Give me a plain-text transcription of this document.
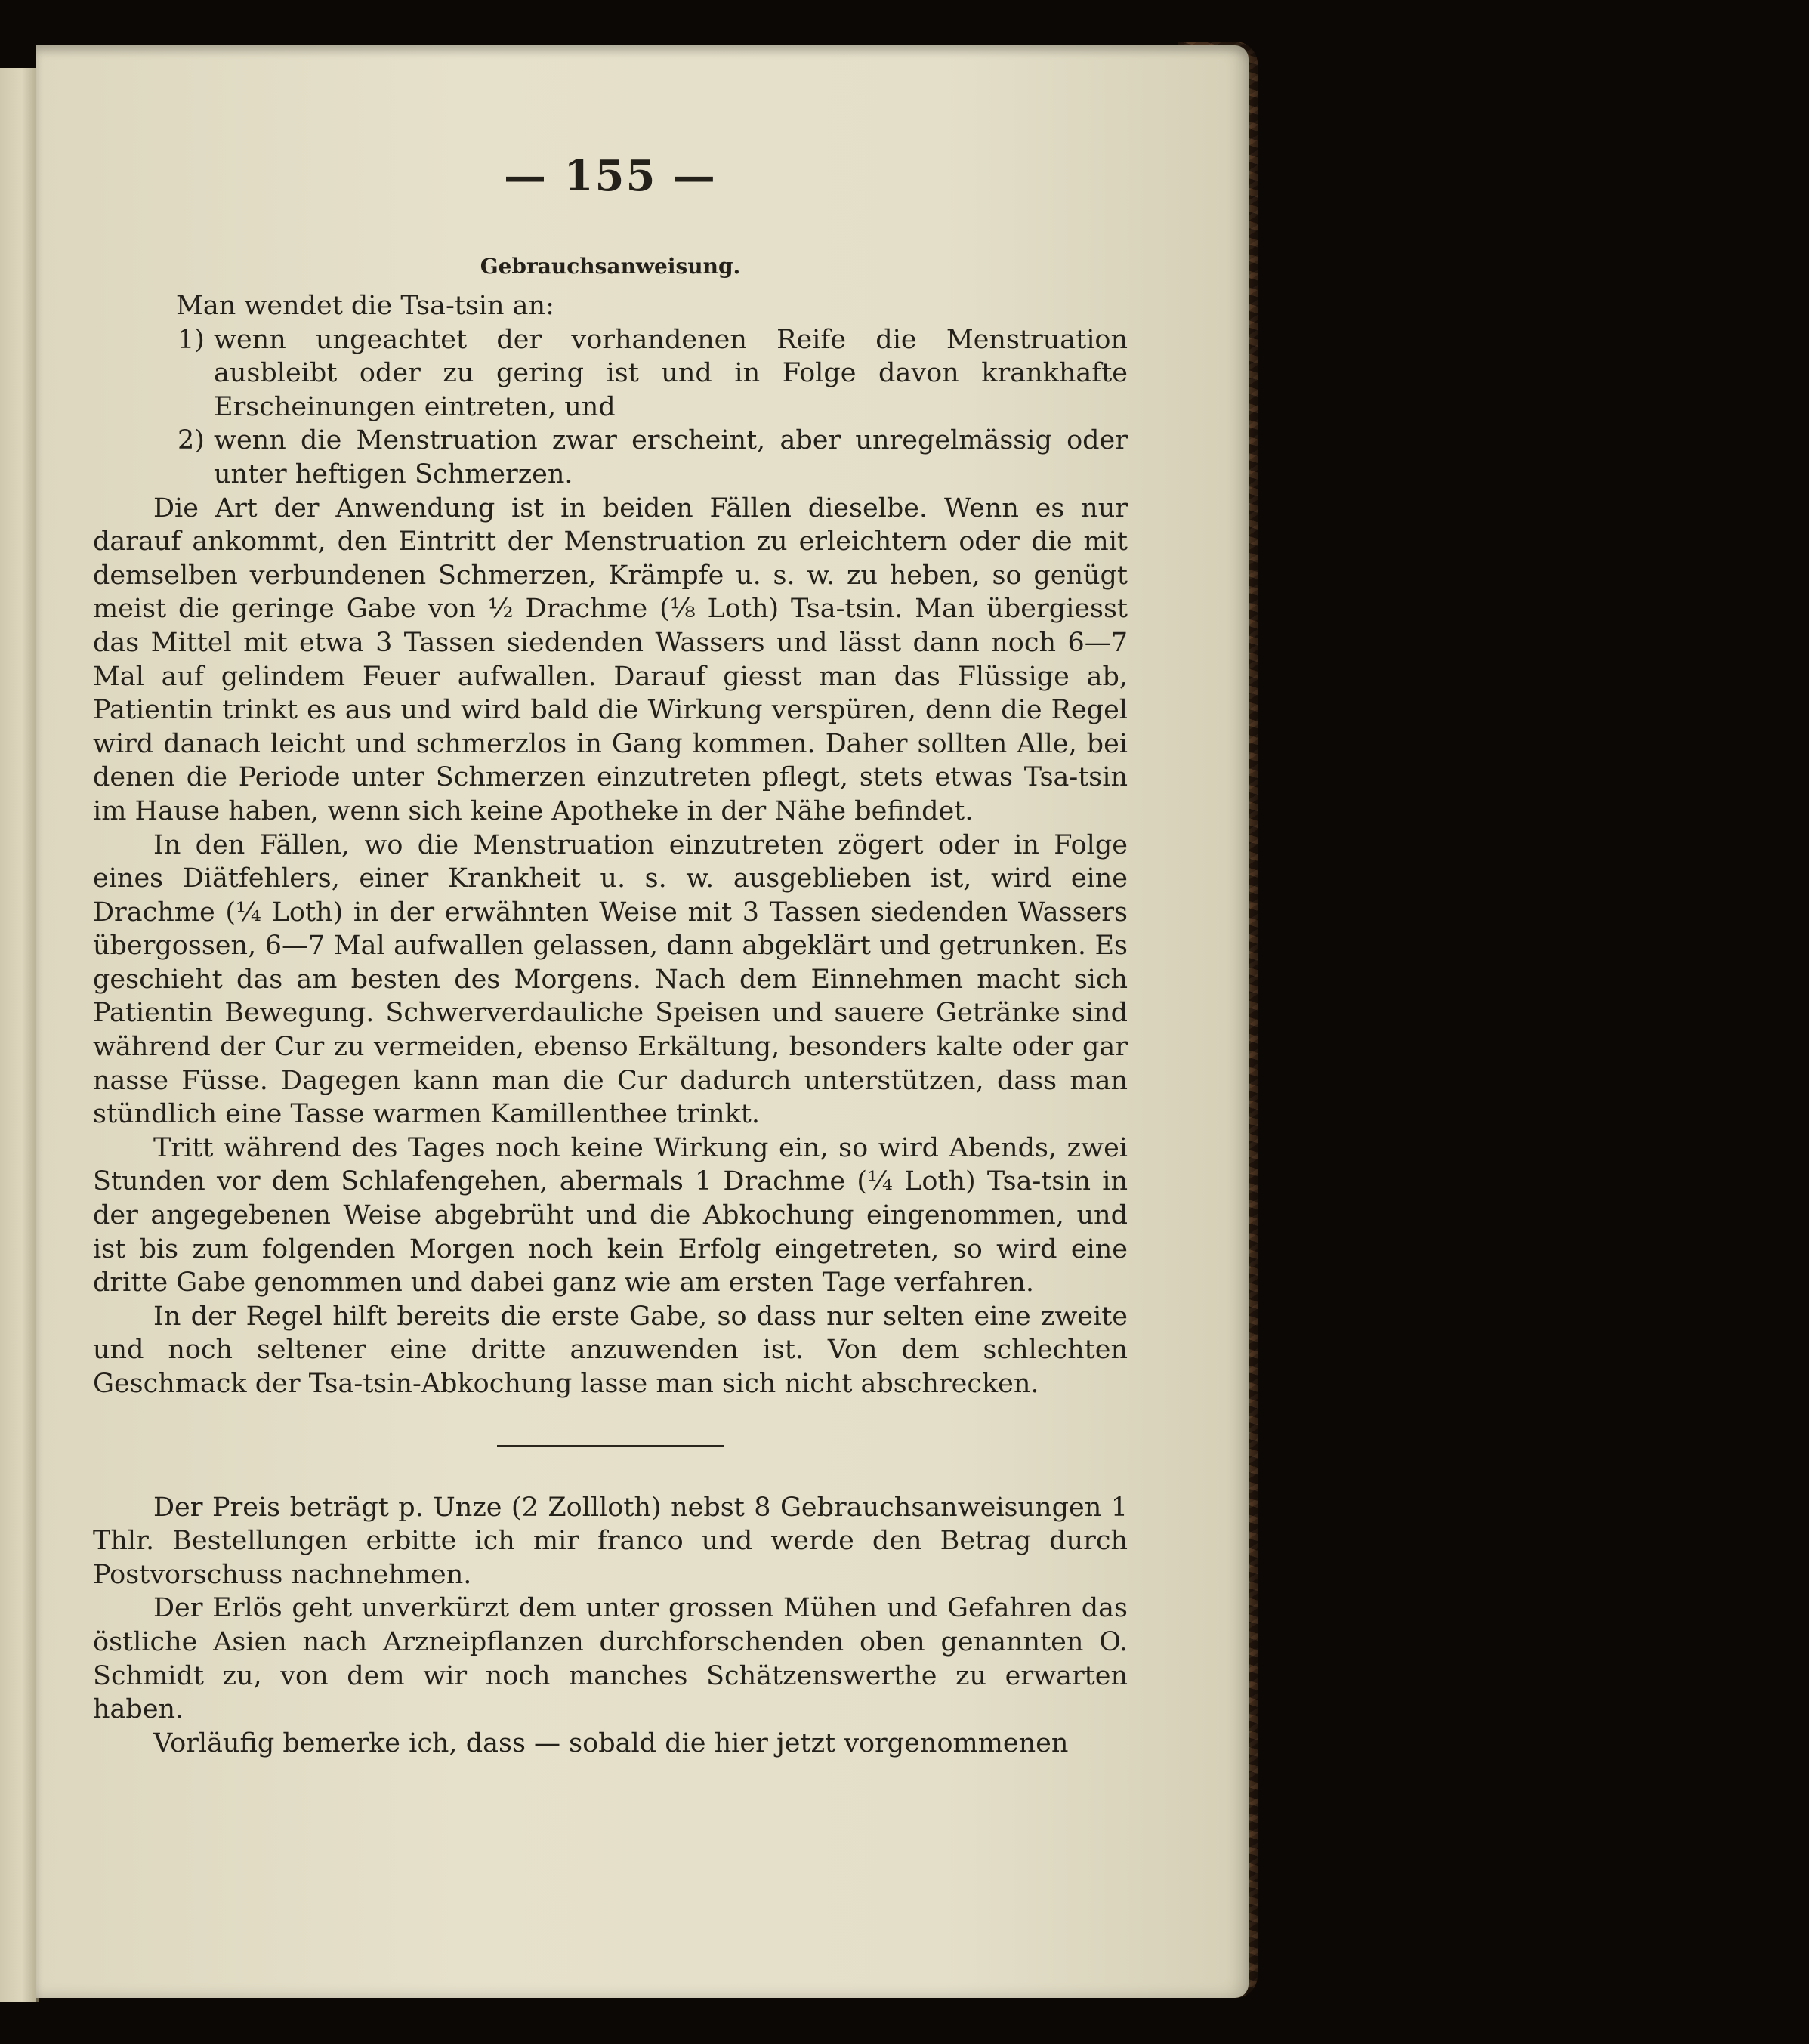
— 155 —
Gebrauchsanweisung.

Man wendet die Tsa-tsin an:

1) wenn ungeachtet der vorhandenen Reife die Menstruation ausbleibt oder zu gering ist und in Folge davon krankhafte Erscheinungen eintreten, und
2) wenn die Menstruation zwar erscheint, aber unregelmässig oder unter heftigen Schmerzen.

Die Art der Anwendung ist in beiden Fällen dieselbe. Wenn es nur darauf ankommt, den Eintritt der Menstruation zu erleichtern oder die mit demselben verbundenen Schmerzen, Krämpfe u. s. w. zu heben, so genügt meist die geringe Gabe von ½ Drachme (⅛ Loth) Tsa-tsin. Man übergiesst das Mittel mit etwa 3 Tassen siedenden Wassers und lässt dann noch 6—7 Mal auf gelindem Feuer aufwallen. Darauf giesst man das Flüssige ab, Patientin trinkt es aus und wird bald die Wirkung verspüren, denn die Regel wird danach leicht und schmerzlos in Gang kommen. Daher sollten Alle, bei denen die Periode unter Schmerzen einzutreten pflegt, stets etwas Tsa-tsin im Hause haben, wenn sich keine Apotheke in der Nähe befindet.

In den Fällen, wo die Menstruation einzutreten zögert oder in Folge eines Diätfehlers, einer Krankheit u. s. w. ausgeblieben ist, wird eine Drachme (¼ Loth) in der erwähnten Weise mit 3 Tassen siedenden Wassers übergossen, 6—7 Mal aufwallen gelassen, dann abgeklärt und getrunken. Es geschieht das am besten des Morgens. Nach dem Einnehmen macht sich Patientin Bewegung. Schwerverdauliche Speisen und sauere Getränke sind während der Cur zu vermeiden, ebenso Erkältung, besonders kalte oder gar nasse Füsse. Dagegen kann man die Cur dadurch unterstützen, dass man stündlich eine Tasse warmen Kamillenthee trinkt.

Tritt während des Tages noch keine Wirkung ein, so wird Abends, zwei Stunden vor dem Schlafengehen, abermals 1 Drachme (¼ Loth) Tsa-tsin in der angegebenen Weise abgebrüht und die Abkochung eingenommen, und ist bis zum folgenden Morgen noch kein Erfolg eingetreten, so wird eine dritte Gabe genommen und dabei ganz wie am ersten Tage verfahren.

In der Regel hilft bereits die erste Gabe, so dass nur selten eine zweite und noch seltener eine dritte anzuwenden ist. Von dem schlechten Geschmack der Tsa-tsin-Abkochung lasse man sich nicht abschrecken.

Der Preis beträgt p. Unze (2 Zollloth) nebst 8 Gebrauchsanweisungen 1 Thlr. Bestellungen erbitte ich mir franco und werde den Betrag durch Postvorschuss nachnehmen.

Der Erlös geht unverkürzt dem unter grossen Mühen und Gefahren das östliche Asien nach Arzneipflanzen durchforschenden oben genannten O. Schmidt zu, von dem wir noch manches Schätzenswerthe zu erwarten haben.

Vorläufig bemerke ich, dass — sobald die hier jetzt vorgenommenen
